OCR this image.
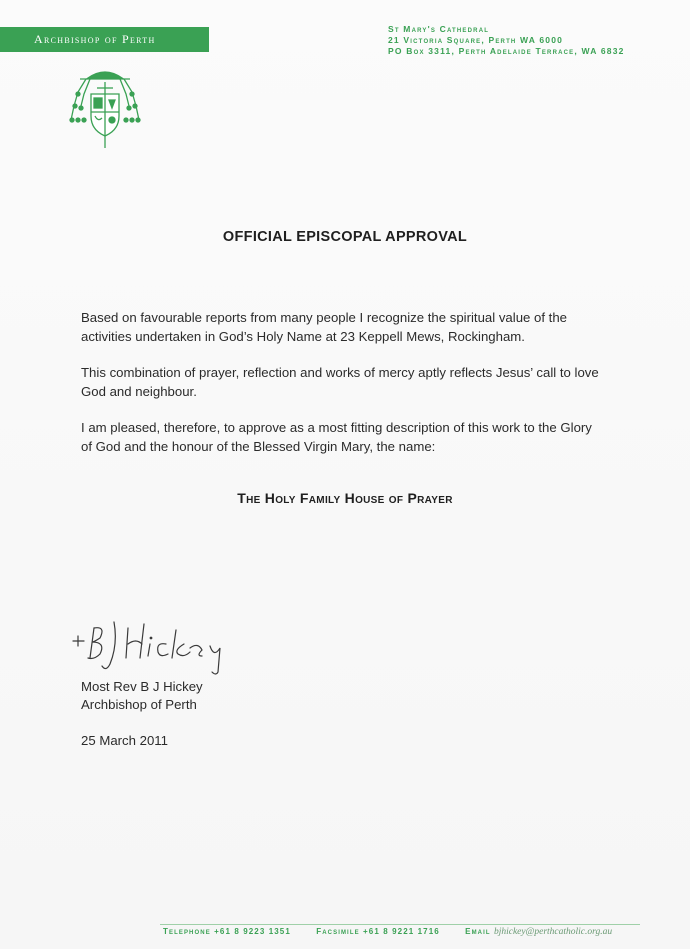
Archbishop of Perth
St Mary's Cathedral
21 Victoria Square, Perth WA 6000
PO Box 3311, Perth Adelaide Terrace, WA 6832
OFFICIAL EPISCOPAL APPROVAL
Based on favourable reports from many people I recognize the spiritual value of the activities undertaken in God’s Holy Name at 23 Keppell Mews, Rockingham.
This combination of prayer, reflection and works of mercy aptly reflects Jesus’ call to love God and neighbour.
I am pleased, therefore, to approve as a most fitting description of this work to the Glory of God and the honour of the Blessed Virgin Mary, the name:
The Holy Family House of Prayer
Most Rev B J Hickey
Archbishop of Perth
25 March 2011
Telephone +61 8 9223 1351	Facsimile +61 8 9221 1716	Email bjhickey@perthcatholic.org.au
